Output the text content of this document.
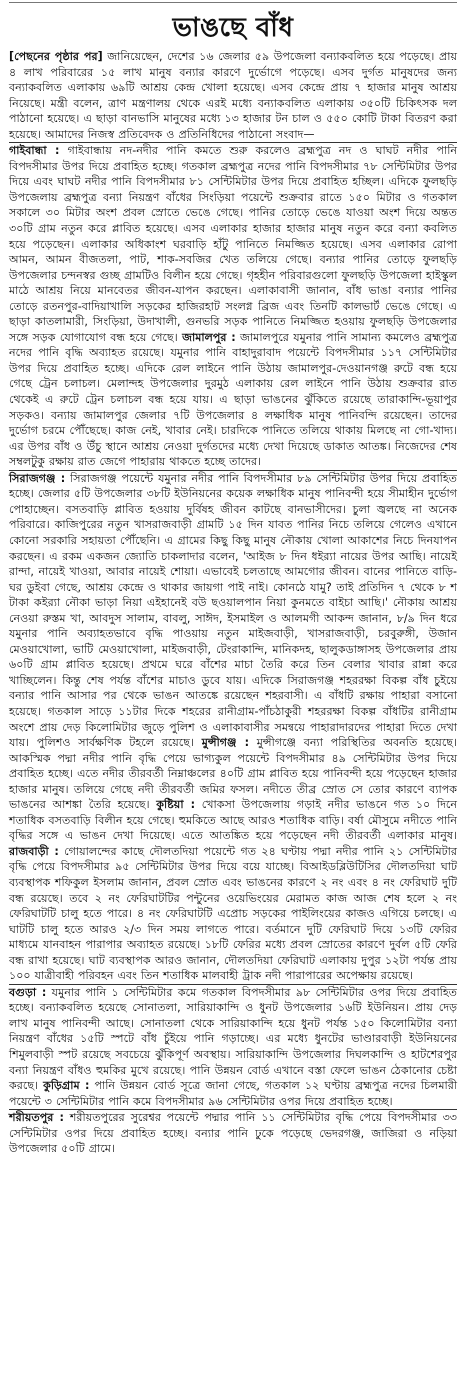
ভাঙছে বাঁধ

[পেছনের পৃষ্ঠার পর] জানিয়েছেন, দেশের ১৬ জেলার ৫৯ উপজেলা বন্যাকবলিত হয়ে পড়েছে। প্রায় ৪ লাখ পরিবারের ১৫ লাখ মানুষ বন্যার কারণে দুর্ভোগে পড়েছে। এসব দুর্গত মানুষদের জন্য বন্যাকবলিত এলাকায় ৬৯টি আশ্রয় কেন্দ্র খোলা হয়েছে। এসব কেন্দ্রে প্রায় ৭ হাজার মানুষ আশ্রয় নিয়েছে। মন্ত্রী বলেন, ত্রাণ মন্ত্রণালয় থেকে এরই মধ্যে বন্যাকবলিত এলাকায় ৩৫০টি চিকিৎসক দল পাঠানো হয়েছে। এ ছাড়া বানভাসি মানুষের মধ্যে ১৩ হাজার টন চাল ও ৫৫০ কোটি টাকা বিতরণ করা হয়েছে। আমাদের নিজস্ব প্রতিবেদক ও প্রতিনিধিদের পাঠানো সংবাদ—

গাইবান্ধা : গাইবান্ধায় নদ-নদীর পানি কমতে শুরু করলেও ব্রহ্মপুত্র নদ ও ঘাঘট নদীর পানি বিপদসীমার উপর দিয়ে প্রবাহিত হচ্ছে। গতকাল ব্রহ্মপুত্র নদের পানি বিপদসীমার ৭৮ সেন্টিমিটার উপর দিয়ে এবং ঘাঘট নদীর পানি বিপদসীমার ৮১ সেন্টিমিটার উপর দিয়ে প্রবাহিত হচ্ছিল। এদিকে ফুলছড়ি উপজেলায় ব্রহ্মপুত্র বন্যা নিয়ন্ত্রণ বাঁধের সিংড়িয়া পয়েন্টে শুক্রবার রাতে ১৫০ মিটার ও গতকাল সকালে ৩০ মিটার অংশ প্রবল স্রোতে ভেঙে গেছে। পানির তোড়ে ভেঙে যাওয়া অংশ দিয়ে অন্তত ৩০টি গ্রাম নতুন করে প্লাবিত হয়েছে। এসব এলাকার হাজার হাজার মানুষ নতুন করে বন্যা কবলিত হয়ে পড়েছেন। এলাকার অধিকাংশ ঘরবাড়ি হাঁটু পানিতে নিমজ্জিত হয়েছে। এসব এলাকার রোপা আমন, আমন বীজতলা, পাট, শাক-সবজির খেত তলিয়ে গেছে। বন্যার পানির তোড়ে ফুলছড়ি উপজেলার চন্দনস্বর গুচ্ছ গ্রামটিও বিলীন হয়ে গেছে। গৃহহীন পরিবারগুলো ফুলছড়ি উপজেলা হাইস্কুল মাঠে আশ্রয় নিয়ে মানবেতর জীবন-যাপন করছেন। এলাকাবাসী জানান, বাঁধ ভাঙা বন্যার পানির তোড়ে রতনপুর-বাদিয়াখালি সড়কের হাজিরহাট সংলগ্ন ব্রিজ এবং তিনটি কালভার্ট ভেঙে গেছে। এ ছাড়া কাতলামারী, সিংড়িয়া, উদাখালী, গুনভরি সড়ক পানিতে নিমজ্জিত হওয়ায় ফুলছড়ি উপজেলার সঙ্গে সড়ক যোগাযোগ বন্ধ হয়ে গেছে। জামালপুর : জামালপুরে যমুনার পানি সামান্য কমলেও ব্রহ্মপুত্র নদের পানি বৃদ্ধি অব্যাহত রয়েছে। যমুনার পানি বাহাদুরাবাদ পয়েন্টে বিপদসীমার ১১৭ সেন্টিমিটার উপর দিয়ে প্রবাহিত হচ্ছে। এদিকে রেল লাইনে পানি উঠায় জামালপুর-দেওয়ানগঞ্জ রুটে বন্ধ হয়ে গেছে ট্রেন চলাচল। মেলান্দহ উপজেলার দুরমুঠ এলাকায় রেল লাইনে পানি উঠায় শুক্রবার রাত থেকেই এ রুটে ট্রেন চলাচল বন্ধ হয়ে যায়। এ ছাড়া ভাঙনের ঝুঁকিতে রয়েছে তারাকান্দি-ভূয়াপুর সড়কও। বন্যায় জামালপুর জেলার ৭টি উপজেলার ৪ লক্ষাধিক মানুষ পানিবন্দি রয়েছেন। তাদের দুর্ভোগ চরমে পৌঁছেছে। কাজ নেই, খাবার নেই। চারদিকে পানিতে তলিয়ে থাকায় মিলছে না গো-খাদ্য। এর উপর বাঁধ ও উঁচু স্থানে আশ্রয় নেওয়া দুর্গতদের মধ্যে দেখা দিয়েছে ডাকাত আতঙ্ক। নিজেদের শেষ সম্বলটুকু রক্ষায় রাত জেগে পাহারায় থাকতে হচ্ছে তাদের।

সিরাজগঞ্জ : সিরাজগঞ্জ পয়েন্টে যমুনার নদীর পানি বিপদসীমার ৮৯ সেন্টিমিটার উপর দিয়ে প্রবাহিত হচ্ছে। জেলার ৫টি উপজেলার ৩৮টি ইউনিয়নের কয়েক লক্ষাধিক মানুষ পানিবন্দী হয়ে সীমাহীন দুর্ভোগ পোহাচ্ছেন। বসতবাড়ি প্লাবিত হওয়ায় দুর্বিষহ জীবন কাটছে বানভাসীদের। চুলা জ্বলছে না অনেক পরিবারে। কাজিপুরের নতুন খাসরাজবাড়ী গ্রামটি ১৫ দিন যাবত পানির নিচে তলিয়ে গেলেও এখানে কোনো সরকারি সহায়তা পৌঁছেনি। এ গ্রামের কিছু কিছু মানুষ নৌকায় খোলা আকাশের নিচে দিনযাপন করছেন। এ রকম একজন জ্যোতি চাকলাদার বলেন, 'আইজ ৮ দিন ধইর‌্যা নায়ের উপর আছি। নায়েই রান্দা, নায়েই খাওয়া, আবার নায়েই শোয়া। এভাবেই চলতাছে আমগোর জীবন। বানের পানিতে বাড়ি-ঘর ডুইবা গেছে, আশ্রয় কেন্দ্রে ও থাকার জায়গা পাই নাই। কোনঠে যামু? তাই প্রতিদিন ৭ থেকে ৮ শ টাকা কইর‌্যা নৌকা ভাড়া নিয়া এইহানেই বউ ছওয়ালপান নিয়া কুনমতে বাইচা আছি।' নৌকায় আশ্রয় নেওয়া রুস্তম খা, আবদুস সালাম, বাবলু, সাঈদ, ইসমাইল ও আলমগী আকন্দ জানান, ৮/৯ দিন ধরে যমুনার পানি অব্যাহতভাবে বৃদ্ধি পাওয়ায় নতুন মাইজবাড়ী, খাসরাজবাড়ী, চরবুরুঙ্গী, উজান মেওয়াখোলা, ভাটি মেওয়াখোলা, মাইজবাড়ী, টেংরাকান্দি, মানিকদহ, ছালুকডাঙ্গাসহ উপজেলার প্রায় ৬০টি গ্রাম প্লাবিত হয়েছে। প্রথমে ঘরে বাঁশের মাচা তৈরি করে তিন বেলার খাবার রান্না করে খাচ্ছিলেন। কিন্তু শেষ পর্যন্ত বাঁশের মাচাও ডুবে যায়। এদিকে সিরাজগঞ্জ শহররক্ষা বিকল্প বাঁধ চুইয়ে বন্যার পানি আসার পর থেকে ভাঙন আতঙ্কে রয়েছেন শহরবাসী। এ বাঁধটি রক্ষায় পাহারা বসানো হয়েছে। গতকাল সাড়ে ১১টার দিকে শহরের রানীগ্রাম-পাঁচঠাকুরী শহররক্ষা বিকল্প বাঁধটির রানীগ্রাম অংশে প্রায় দেড় কিলোমিটার জুড়ে পুলিশ ও এলাকাবাসীর সমন্বয়ে পাহারাদারদের পাহারা দিতে দেখা যায়। পুলিশও সার্বক্ষণিক টহলে রয়েছে। মুন্সীগঞ্জ : মুন্সীগঞ্জে বন্যা পরিস্থিতির অবনতি হয়েছে। আকস্মিক পদ্মা নদীর পানি বৃদ্ধি পেয়ে ভাগ্যকুল পয়েন্টে বিপদসীমার ৪৯ সেন্টিমিটার উপর দিয়ে প্রবাহিত হচ্ছে। এতে নদীর তীরবর্তী নিম্নাঞ্চলের ৪০টি গ্রাম প্লাবিত হয়ে পানিবন্দী হয়ে পড়েছেন হাজার হাজার মানুষ। তলিয়ে গেছে নদী তীরবর্তী জমির ফসল। নদীতে তীব্র স্রোত সে তোর কারণে ব্যাপক ভাঙনের আশঙ্কা তৈরি হয়েছে। কুষ্টিয়া : খোকসা উপজেলায় গড়াই নদীর ভাঙনে গত ১০ দিনে শতাধিক বসতবাড়ি বিলীন হয়ে গেছে। হুমকিতে আছে আরও শতাধিক বাড়ি। বর্ষা মৌসুমে নদীতে পানি বৃদ্ধির সঙ্গে এ ভাঙন দেখা দিয়েছে। এতে আতঙ্কিত হয়ে পড়েছেন নদী তীরবর্তী এলাকার মানুষ। রাজবাড়ী : গোয়ালন্দের কাছে দৌলতদিয়া পয়েন্টে গত ২৪ ঘণ্টায় পদ্মা নদীর পানি ২১ সেন্টিমিটার বৃদ্ধি পেয়ে বিপদসীমার ৯৫ সেন্টিমিটার উপর দিয়ে বয়ে যাচ্ছে। বিআইডব্লিউটিসির দৌলতদিয়া ঘাট ব্যবস্থাপক শফিকুল ইসলাম জানান, প্রবল স্রোত এবং ভাঙনের কারণে ২ নং এবং ৪ নং ফেরিঘাট দুটি বন্ধ রয়েছে। তবে ২ নং ফেরিঘাটটির পন্টুনের ওয়েভিংয়ের মেরামত কাজ আজ শেষ হলে ২ নং ফেরিঘাটটি চালু হতে পারে। ৪ নং ফেরিঘাটটি এপ্রোচ সড়কের পাইলিংয়ের কাজও এগিয়ে চলছে। এ ঘাটটি চালু হতে আরও ২/৩ দিন সময় লাগতে পারে। বর্তমানে দুটি ফেরিঘাট দিয়ে ১৩টি ফেরির মাধ্যমে যানবাহন পারাপার অব্যাহত রয়েছে। ১৮টি ফেরির মধ্যে প্রবল স্রোতের কারণে দুর্বল ৫টি ফেরি বন্ধ রাখা হয়েছে। ঘাট ব্যবস্থাপক আরও জানান, দৌলতদিয়া ফেরিঘাট এলাকায় দুপুর ১২টা পর্যন্ত প্রায় ১০০ যাত্রীবাহী পরিবহন এবং তিন শতাধিক মালবাহী ট্রাক নদী পারাপারের অপেক্ষায় রয়েছে।

বগুড়া : যমুনার পানি ১ সেন্টিমিটার কমে গতকাল বিপদসীমার ৯৮ সেন্টিমিটার ওপর দিয়ে প্রবাহিত হচ্ছে। বন্যাকবলিত হয়েছে সোনাতলা, সারিয়াকান্দি ও ধুনট উপজেলার ১৬টি ইউনিয়ন। প্রায় দেড় লাখ মানুষ পানিবন্দী আছে। সোনাতলা থেকে সারিয়াকান্দি হয়ে ধুনট পর্যন্ত ১৫০ কিলোমিটার বন্যা নিয়ন্ত্রণ বাঁধের ১৫টি স্পটে বাঁধ চুঁইয়ে পানি গড়াচ্ছে। এর মধ্যে ধুনটের ভাণ্ডারবাড়ী ইউনিয়নের শিমুলবাড়ী স্পট রয়েছে সবচেয়ে ঝুঁকিপূর্ণ অবস্থায়। সারিয়াকান্দি উপজেলার দিঘলকান্দি ও হাটশেরপুর বন্যা নিয়ন্ত্রণ বাঁধও হুমকির মুখে রয়েছে। পানি উন্নয়ন বোর্ড এখানে বস্তা ফেলে ভাঙন ঠেকানোর চেষ্টা করছে। কুড়িগ্রাম : পানি উন্নয়ন বোর্ড সূত্রে জানা গেছে, গতকাল ১২ ঘণ্টায় ব্রহ্মপুত্র নদের চিলমারী পয়েন্টে ৩ সেন্টিমিটার পানি কমে বিপদসীমার ৯৬ সেন্টিমিটার ওপর দিয়ে প্রবাহিত হচ্ছে।

শরীয়তপুর : শরীয়তপুরের সুরেশ্বর পয়েন্টে পদ্মার পানি ১১ সেন্টিমিটার বৃদ্ধি পেয়ে বিপদসীমার ৩৩ সেন্টিমিটার ওপর দিয়ে প্রবাহিত হচ্ছে। বন্যার পানি ঢুকে পড়েছে ভেদরগঞ্জ, জাজিরা ও নড়িয়া উপজেলার ৫০টি গ্রামে।
